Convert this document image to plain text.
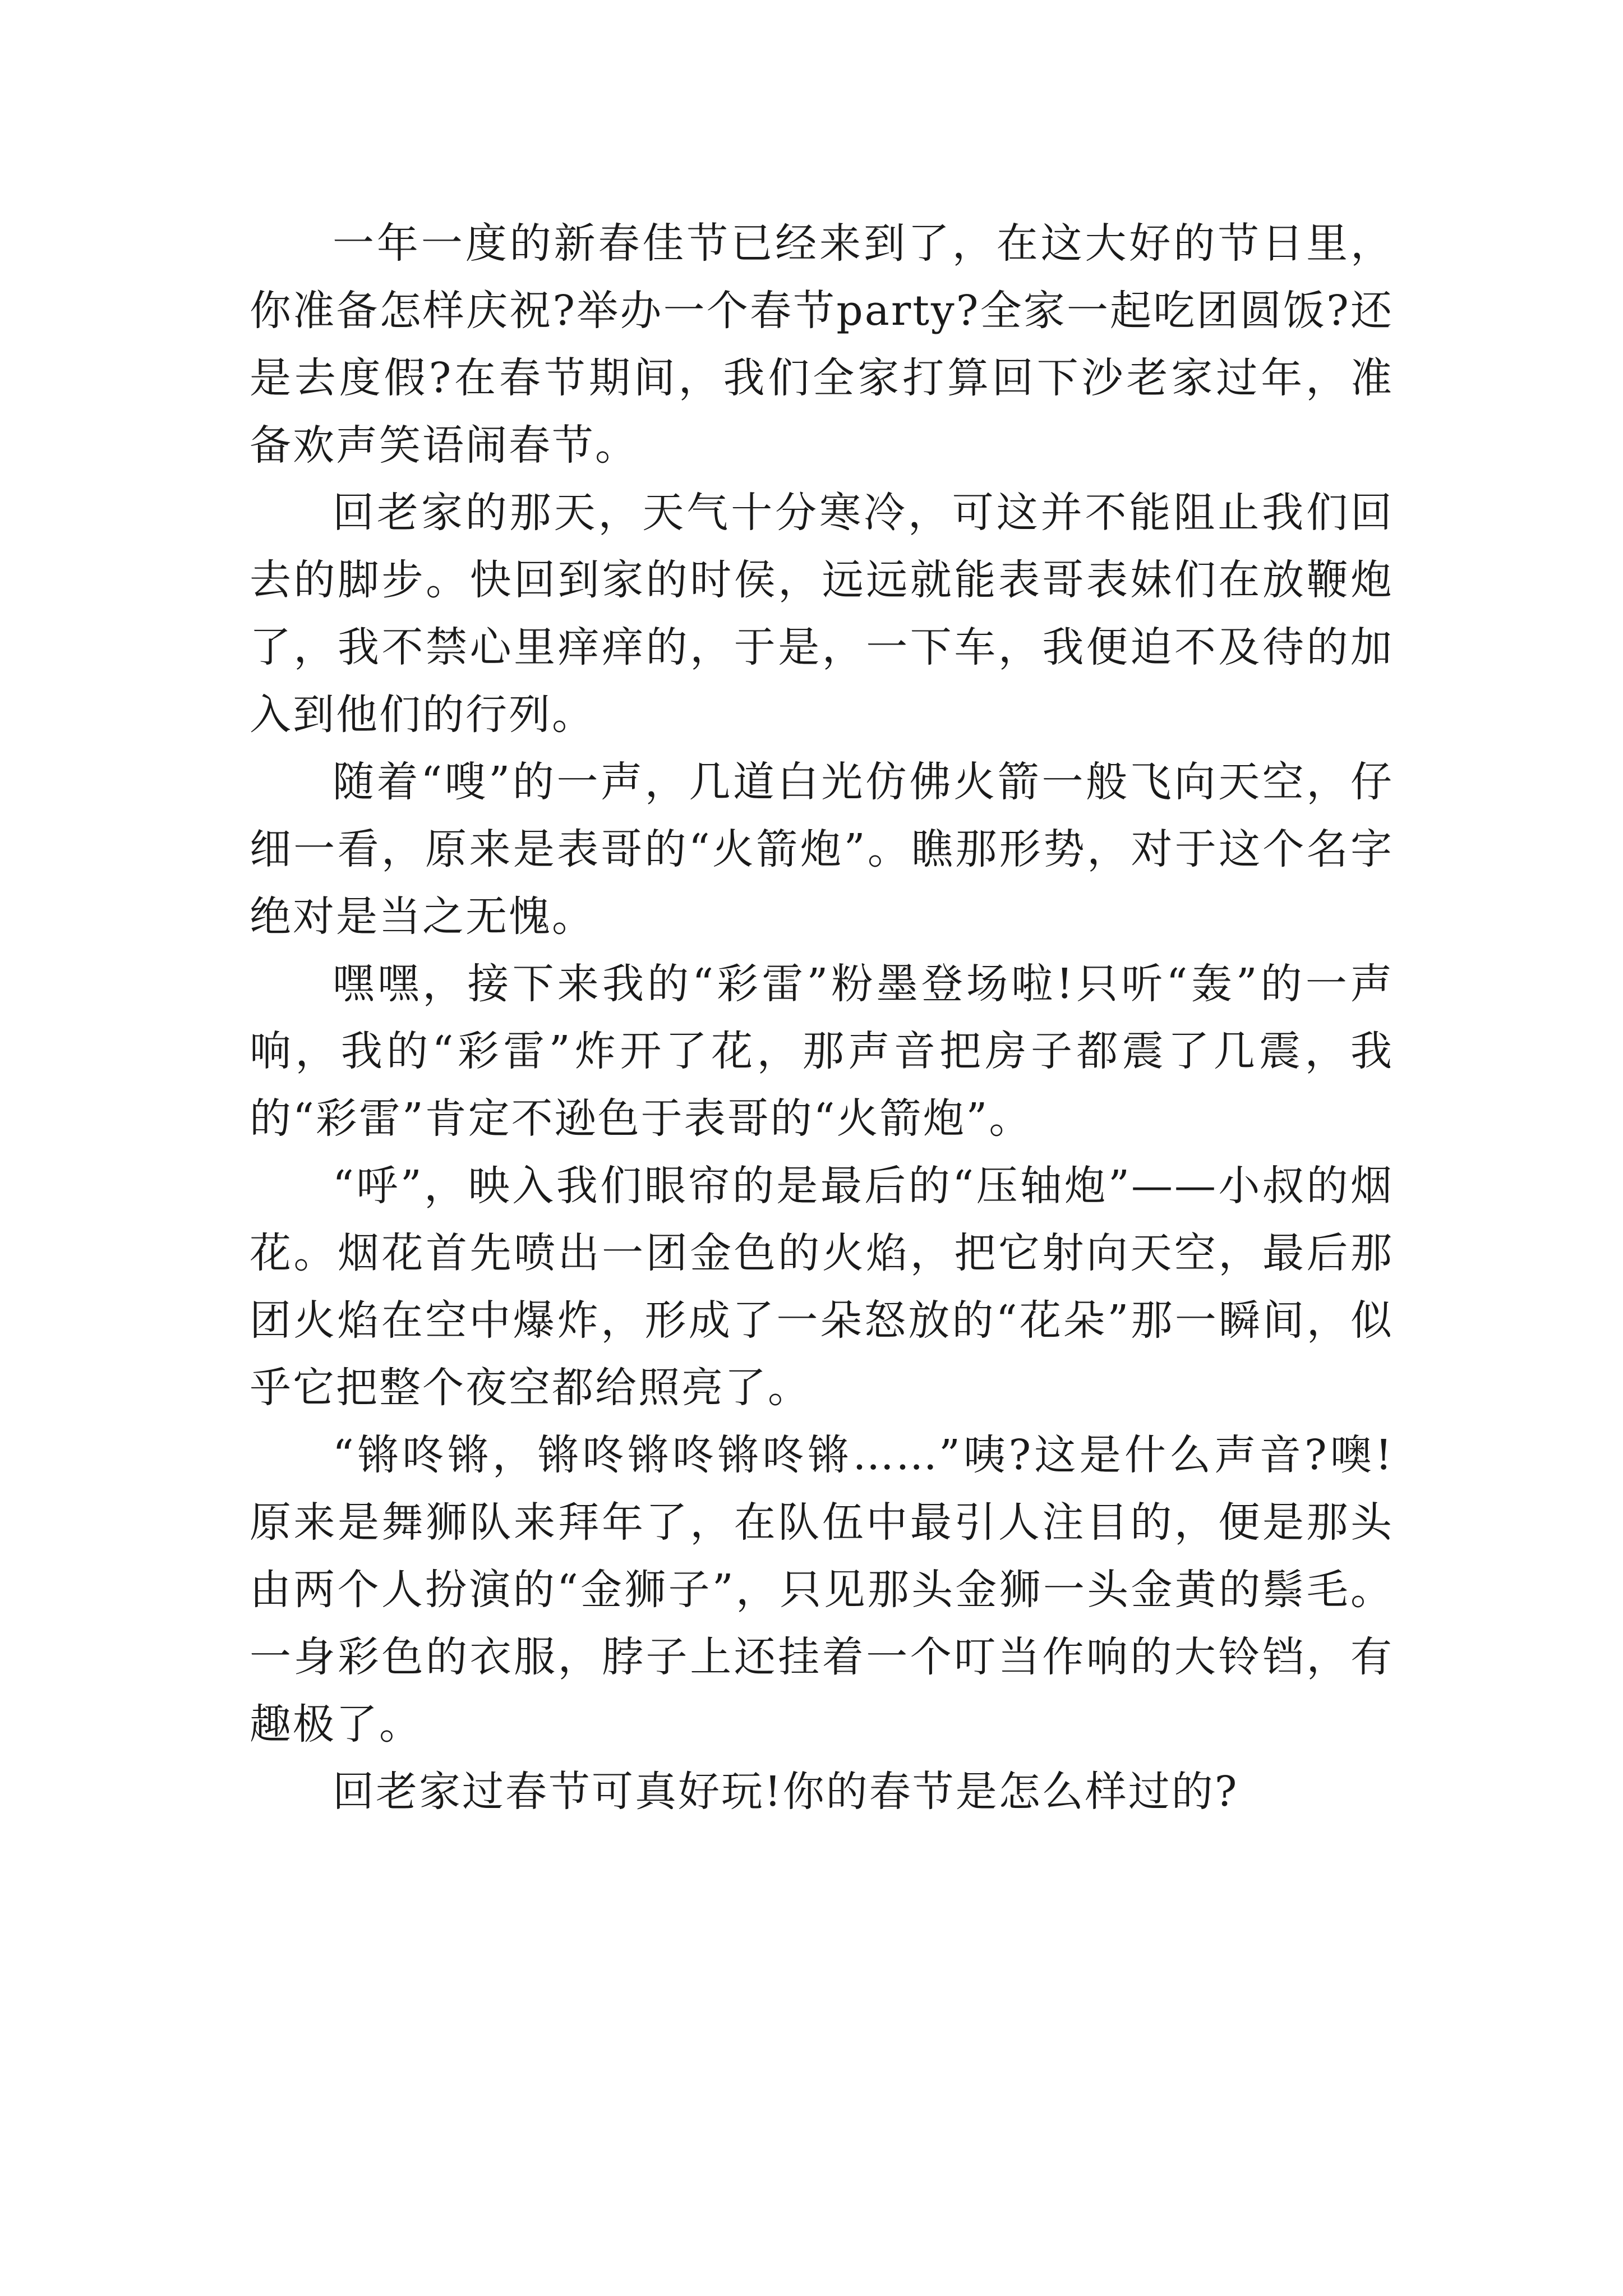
一年一度的新春佳节已经来到了，在这大好的节日里，你准备怎样庆祝?举办一个春节party?全家一起吃团圆饭?还是去度假?在春节期间，我们全家打算回下沙老家过年，准备欢声笑语闹春节。

回老家的那天，天气十分寒冷，可这并不能阻止我们回去的脚步。快回到家的时侯，远远就能表哥表妹们在放鞭炮了，我不禁心里痒痒的，于是，一下车，我便迫不及待的加入到他们的行列。

随着“嗖”的一声，几道白光仿佛火箭一般飞向天空，仔细一看，原来是表哥的“火箭炮”。瞧那形势，对于这个名字绝对是当之无愧。

嘿嘿，接下来我的“彩雷”粉墨登场啦!只听“轰”的一声响，我的“彩雷”炸开了花，那声音把房子都震了几震，我的“彩雷”肯定不逊色于表哥的“火箭炮”。

“呼”，映入我们眼帘的是最后的“压轴炮”——小叔的烟花。烟花首先喷出一团金色的火焰，把它射向天空，最后那团火焰在空中爆炸，形成了一朵怒放的“花朵”那一瞬间，似乎它把整个夜空都给照亮了。

“锵咚锵，锵咚锵咚锵咚锵……”咦?这是什么声音?噢!原来是舞狮队来拜年了，在队伍中最引人注目的，便是那头由两个人扮演的“金狮子”，只见那头金狮一头金黄的鬃毛。一身彩色的衣服，脖子上还挂着一个叮当作响的大铃铛，有趣极了。

回老家过春节可真好玩!你的春节是怎么样过的?
